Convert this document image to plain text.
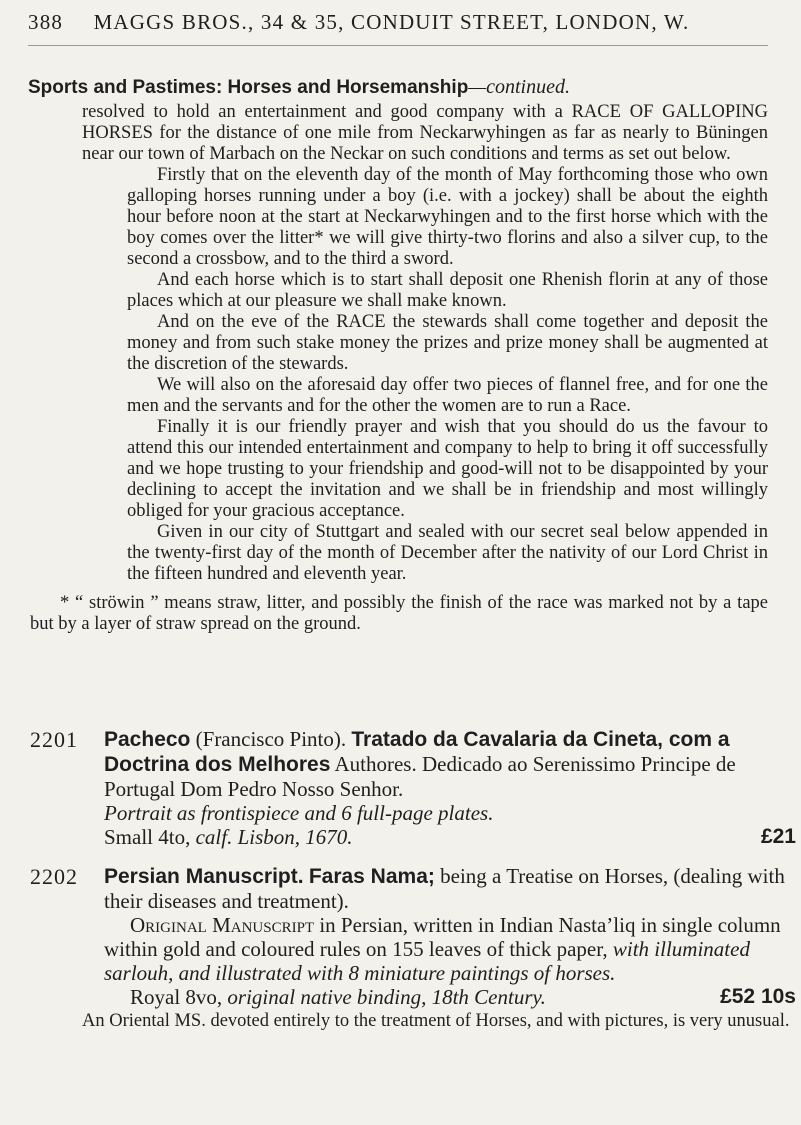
388 MAGGS BROS., 34 & 35, CONDUIT STREET, LONDON, W.
Sports and Pastimes: Horses and Horsemanship—continued.

resolved to hold an entertainment and good company with a RACE OF GALLOPING HORSES for the distance of one mile from Neckarwyhingen as far as nearly to Büningen near our town of Marbach on the Neckar on such conditions and terms as set out below.

Firstly that on the eleventh day of the month of May forthcoming those who own galloping horses running under a boy (i.e. with a jockey) shall be about the eighth hour before noon at the start at Neckarwyhingen and to the first horse which with the boy comes over the litter* we will give thirty-two florins and also a silver cup, to the second a crossbow, and to the third a sword.

And each horse which is to start shall deposit one Rhenish florin at any of those places which at our pleasure we shall make known.

And on the eve of the RACE the stewards shall come together and deposit the money and from such stake money the prizes and prize money shall be augmented at the discretion of the stewards.

We will also on the aforesaid day offer two pieces of flannel free, and for one the men and the servants and for the other the women are to run a Race.

Finally it is our friendly prayer and wish that you should do us the favour to attend this our intended entertainment and company to help to bring it off successfully and we hope trusting to your friendship and good-will not to be disappointed by your declining to accept the invitation and we shall be in friendship and most willingly obliged for your gracious acceptance.

Given in our city of Stuttgart and sealed with our secret seal below appended in the twenty-first day of the month of December after the nativity of our Lord Christ in the fifteen hundred and eleventh year.

* “ ströwin ” means straw, litter, and possibly the finish of the race was marked not by a tape but by a layer of straw spread on the ground.

2201 Pacheco (Francisco Pinto). Tratado da Cavalaria da Cineta, com a Doctrina dos Melhores Authores. Dedicado ao Serenissimo Principe de Portugal Dom Pedro Nosso Senhor.
Portrait as frontispiece and 6 full-page plates.
Small 4to, calf. Lisbon, 1670.	£21
2202 Persian Manuscript. Faras Nama; being a Treatise on Horses, (dealing with their diseases and treatment).
Original Manuscript in Persian, written in Indian Nasta’liq in single column within gold and coloured rules on 155 leaves of thick paper, with illuminated sarlouh, and illustrated with 8 miniature paintings of horses.
Royal 8vo, original native binding, 18th Century.	£52 10s

An Oriental MS. devoted entirely to the treatment of Horses, and with pictures, is very unusual.
